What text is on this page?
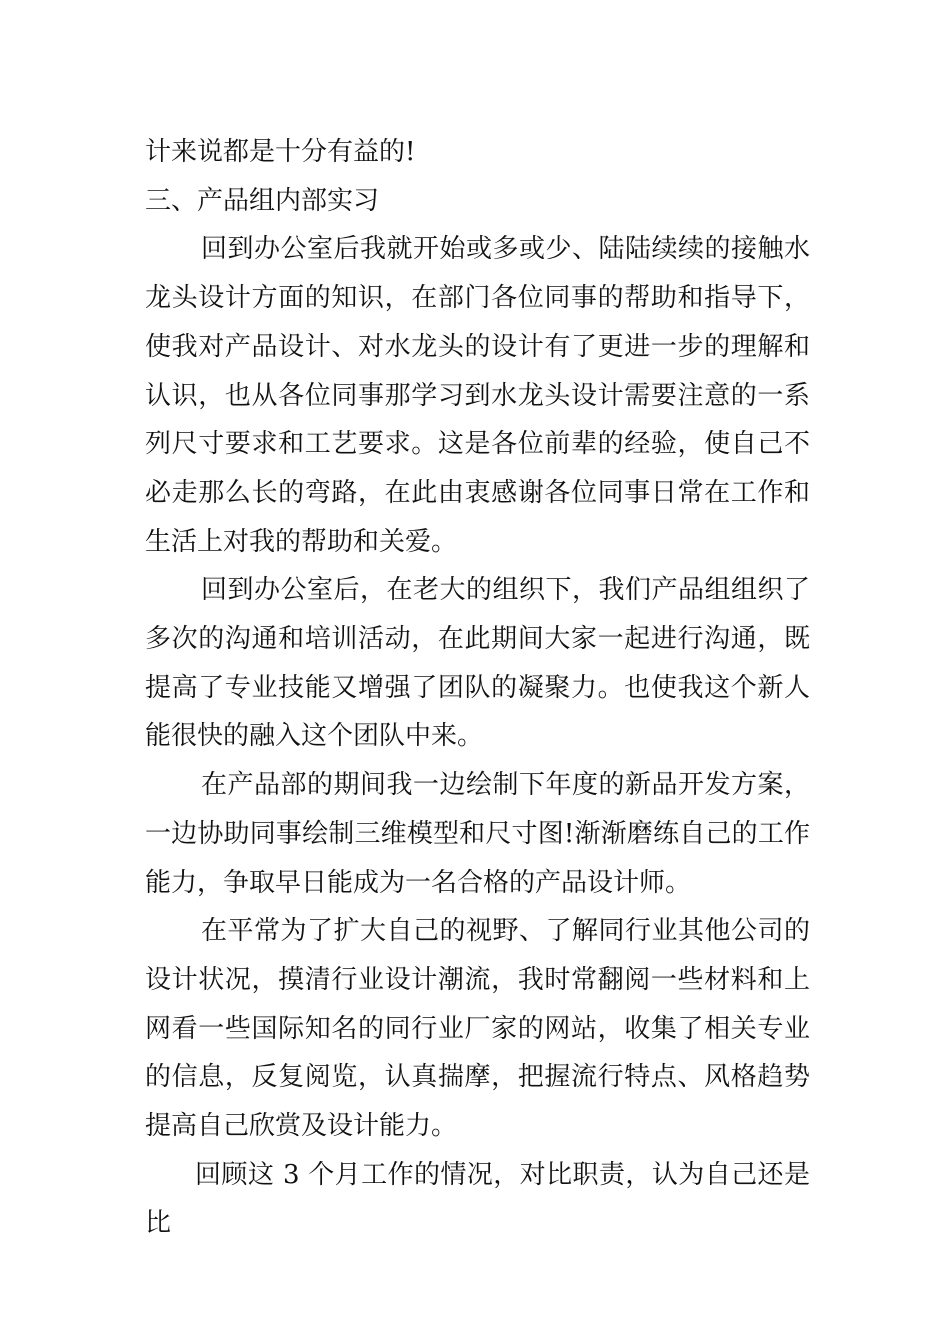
计来说都是十分有益的!

三、产品组内部实习

回到办公室后我就开始或多或少、陆陆续续的接触水龙头设计方面的知识，在部门各位同事的帮助和指导下，使我对产品设计、对水龙头的设计有了更进一步的理解和认识，也从各位同事那学习到水龙头设计需要注意的一系列尺寸要求和工艺要求。这是各位前辈的经验，使自己不必走那么长的弯路，在此由衷感谢各位同事日常在工作和生活上对我的帮助和关爱。

回到办公室后，在老大的组织下，我们产品组组织了多次的沟通和培训活动，在此期间大家一起进行沟通，既提高了专业技能又增强了团队的凝聚力。也使我这个新人能很快的融入这个团队中来。

在产品部的期间我一边绘制下年度的新品开发方案，一边协助同事绘制三维模型和尺寸图!渐渐磨练自己的工作能力，争取早日能成为一名合格的产品设计师。

在平常为了扩大自己的视野、了解同行业其他公司的设计状况，摸清行业设计潮流，我时常翻阅一些材料和上网看一些国际知名的同行业厂家的网站，收集了相关专业的信息，反复阅览，认真揣摩，把握流行特点、风格趋势提高自己欣赏及设计能力。

回顾这 3 个月工作的情况，对比职责，认为自己还是比
